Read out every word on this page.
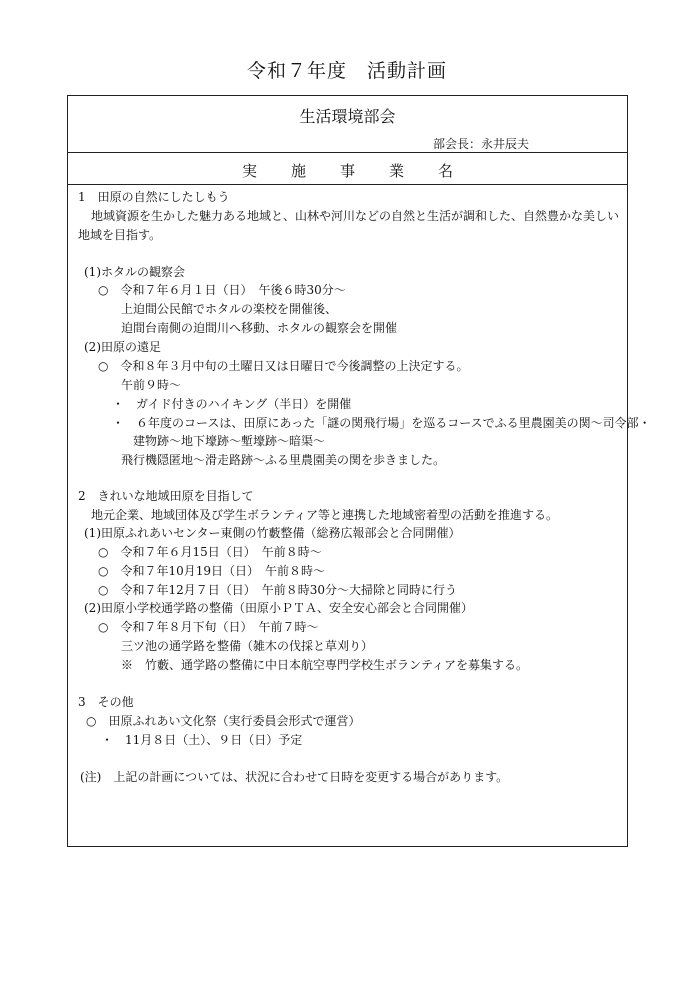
令和７年度　活動計画
生活環境部会
部会長：永井辰夫
実 施 事 業 名
1　田原の自然にしたしもう
地域資源を生かした魅力ある地域と、山林や河川などの自然と生活が調和した、自然豊かな美しい
地域を目指す。
(1)ホタルの観察会
○　令和７年６月１日（日）　午後６時30分～
上迫間公民館でホタルの楽校を開催後、
迫間台南側の迫間川へ移動、ホタルの観察会を開催
(2)田原の遠足
○　令和８年３月中旬の土曜日又は日曜日で今後調整の上決定する。
午前９時～
・　ガイド付きのハイキング（半日）を開催
・　６年度のコースは、田原にあった「謎の関飛行場」を巡るコースでふる里農園美の関～司令部・
建物跡～地下壕跡～塹壕跡～暗渠～
飛行機隠匿地～滑走路跡～ふる里農園美の関を歩きました。
2　きれいな地域田原を目指して
地元企業、地域団体及び学生ボランティア等と連携した地域密着型の活動を推進する。
(1)田原ふれあいセンター東側の竹藪整備（総務広報部会と合同開催）
○　令和７年６月15日（日）　午前８時～
○　令和７年10月19日（日）　午前８時～
○　令和７年12月７日（日）　午前８時30分～大掃除と同時に行う
(2)田原小学校通学路の整備（田原小ＰＴＡ、安全安心部会と合同開催）
○　令和７年８月下旬（日）　午前７時～
三ツ池の通学路を整備（雑木の伐採と草刈り）
※　竹藪、通学路の整備に中日本航空専門学校生ボランティアを募集する。
3　その他
○　田原ふれあい文化祭（実行委員会形式で運営）
・　11月８日（土）、９日（日）予定
(注)　上記の計画については、状況に合わせて日時を変更する場合があります。
